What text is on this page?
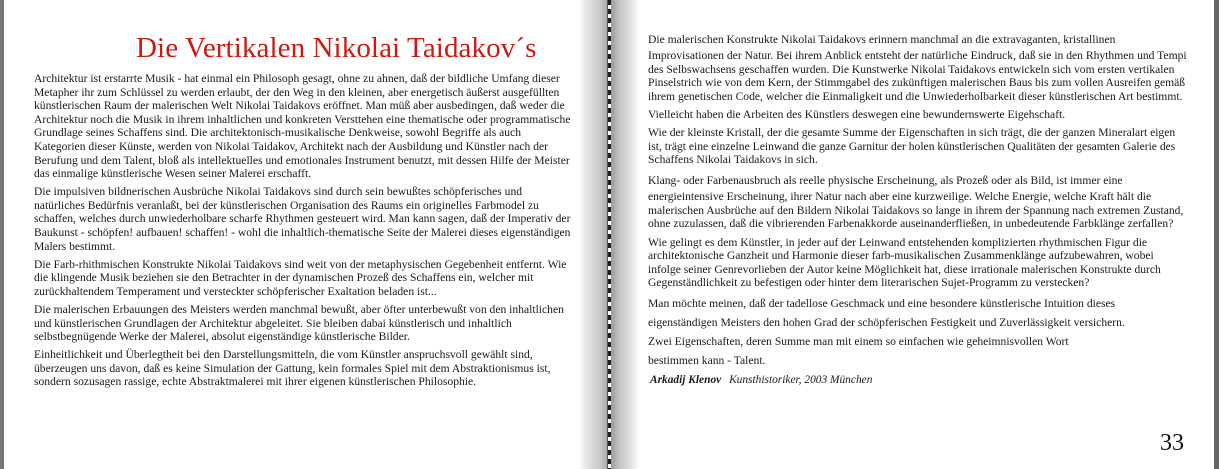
Die Vertikalen Nikolai Taidakov´s

Architektur ist erstarrte Musik - hat einmal ein Philosoph gesagt, ohne zu ahnen, daß der bildliche Umfang dieser Metapher ihr zum Schlüssel zu werden erlaubt, der den Weg in den kleinen, aber energetisch äußerst ausgefüllten künstlerischen Raum der malerischen Welt Nikolai Taidakovs eröffnet. Man müß aber ausbedingen, daß weder die Architektur noch die Musik in ihrem inhaltlichen und konkreten Versttehen eine thematische oder programmatische Grundlage seines Schaffens sind. Die architektonisch-musikalische Denkweise, sowohl Begriffe als auch Kategorien dieser Künste, werden von Nikolai Taidakov, Architekt nach der Ausbildung und Künstler nach der Berufung und dem Talent, bloß als intellektuelles und emotionales Instrument benutzt, mit dessen Hilfe der Meister das einmalige künstlerische Wesen seiner Malerei erschafft.

Die impulsiven bildnerischen Ausbrüche Nikolai Taidakovs sind durch sein bewußtes schöpferisches und natürliches Bedürfnis veranlaßt, bei der künstlerischen Organisation des Raums ein originelles Farbmodel zu schaffen, welches durch unwiederholbare scharfe Rhythmen gesteuert wird. Man kann sagen, daß der Imperativ der Baukunst - schöpfen! aufbauen! schaffen! - wohl die inhaltlich-thematische Seite der Malerei dieses eigenständigen Malers bestimmt.

Die Farb-rhithmischen Konstrukte Nikolai Taidakovs sind weit von der metaphysischen Gegebenheit entfernt. Wie die klingende Musik beziehen sie den Betrachter in der dynamischen Prozeß des Schaffens ein, welcher mit zurückhaltendem Temperament und versteckter schöpferischer Exaltation beladen ist...

Die malerischen Erbauungen des Meisters werden manchmal bewußt, aber öfter unterbewußt von den inhaltlichen und künstlerischen Grundlagen der Architektur abgeleitet. Sie bleiben dabai künstlerisch und inhaltlich selbstbegnügende Werke der Malerei, absolut eigenständige künstlerische Bilder.

Einheitlichkeit und Überlegtheit bei den Darstellungsmitteln, die vom Künstler anspruchsvoll gewählt sind, überzeugen uns davon, daß es keine Simulation der Gattung, kein formales Spiel mit dem Abstraktionismus ist, sondern sozusagen rassige, echte Abstraktmalerei mit ihrer eigenen künstlerischen Philosophie.

Die malerischen Konstrukte Nikolai Taidakovs erinnern manchmal an die extravaganten, kristallinen

Improvisationen der Natur. Bei ihrem Anblick entsteht der natürliche Eindruck, daß sie in den Rhythmen und Tempi des Selbswachsens geschaffen wurden. Die Kunstwerke Nikolai Taidakovs entwickeln sich vom ersten vertikalen Pinselstrich wie von dem Kern, der Stimmgabel des zukünftigen malerischen Baus bis zum vollen Ausreifen gemäß ihrem genetischen Code, welcher die Einmaligkeit und die Unwiederholbarkeit dieser künstlerischen Art bestimmt.

Vielleicht haben die Arbeiten des Künstlers deswegen eine bewundernswerte Eigehschaft.

Wie der kleinste Kristall, der die gesamte Summe der Eigenschaften in sich trägt, die der ganzen Mineralart eigen ist, trägt eine einzelne Leinwand die ganze Garnitur der holen künstlerischen Qualitäten der gesamten Galerie des Schaffens Nikolai Taidakovs in sich.

Klang- oder Farbenausbruch als reelle physische Erscheinung, als Prozeß oder als Bild, ist immer eine

energieintensive Erscheinung, ihrer Natur nach aber eine kurzweilige. Welche Energie, welche Kraft hält die malerischen Ausbrüche auf den Bildern Nikolai Taidakovs so lange in ihrem der Spannung nach extremen Zustand, ohne zuzulassen, daß die vibrierenden Farbenakkorde auseinanderfließen, in unbedeutende Farbklänge zerfallen?

Wie gelingt es dem Künstler, in jeder auf der Leinwand entstehenden komplizierten rhythmischen Figur die architektonische Ganzheit und Harmonie dieser farb-musikalischen Zusammenklänge aufzubewahren, wobei infolge seiner Genrevorlieben der Autor keine Möglichkeit hat, diese irrationale malerischen Konstrukte durch Gegenständlichkeit zu befestigen oder hinter dem literarischen Sujet-Programm zu verstecken?

Man möchte meinen, daß der tadellose Geschmack und eine besondere künstlerische Intuition dieses

eigenständigen Meisters den hohen Grad der schöpferischen Festigkeit und Zuverlässigkeit versichern.

Zwei Eigenschaften, deren Summe man mit einem so einfachen wie geheimnisvollen Wort

bestimmen kann - Talent.

Arkadij Klenov Kunsthistoriker, 2003 München
33
